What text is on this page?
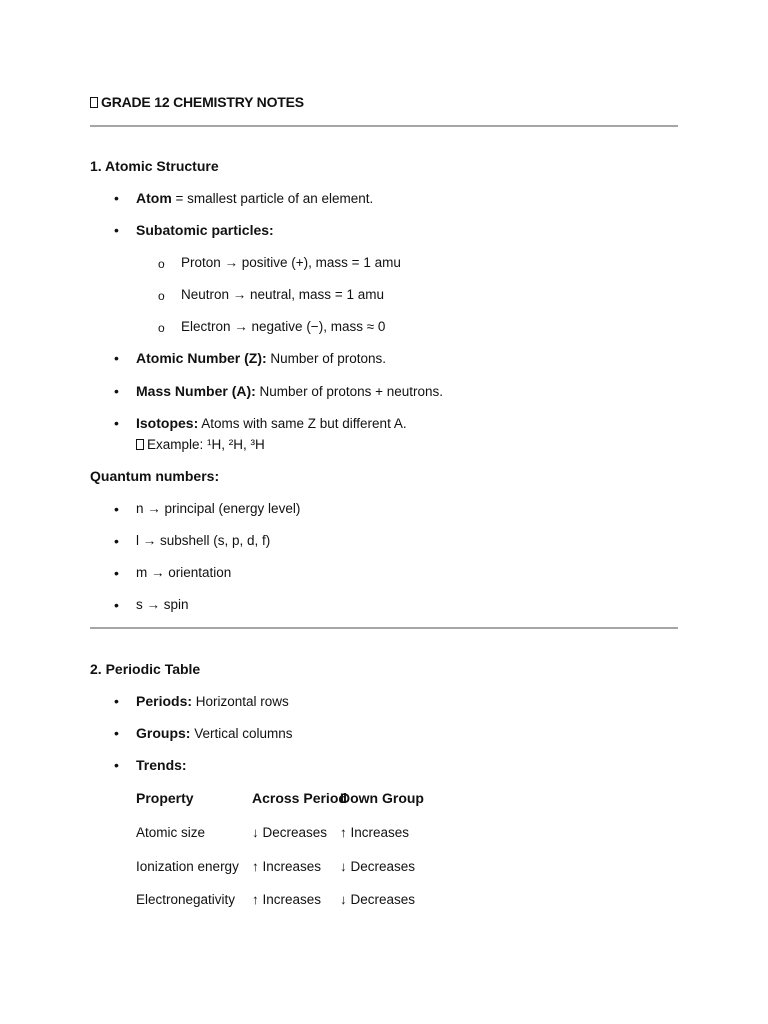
GRADE 12 CHEMISTRY NOTES
1. Atomic Structure
• Atom = smallest particle of an element.
• Subatomic particles:
o Proton → positive (+), mass = 1 amu
o Neutron → neutral, mass = 1 amu
o Electron → negative (−), mass ≈ 0
• Atomic Number (Z): Number of protons.
• Mass Number (A): Number of protons + neutrons.
• Isotopes: Atoms with same Z but different A.
Example: ¹H, ²H, ³H
Quantum numbers:
• n → principal (energy level)
• l → subshell (s, p, d, f)
• m → orientation
• s → spin
2. Periodic Table
• Periods: Horizontal rows
• Groups: Vertical columns
• Trends:
Property	Across Period
Down Group
Atomic size	↓ Decreases ↑ Increases
Ionization energy ↑ Increases ↓ Decreases
Electronegativity ↑ Increases ↓ Decreases
